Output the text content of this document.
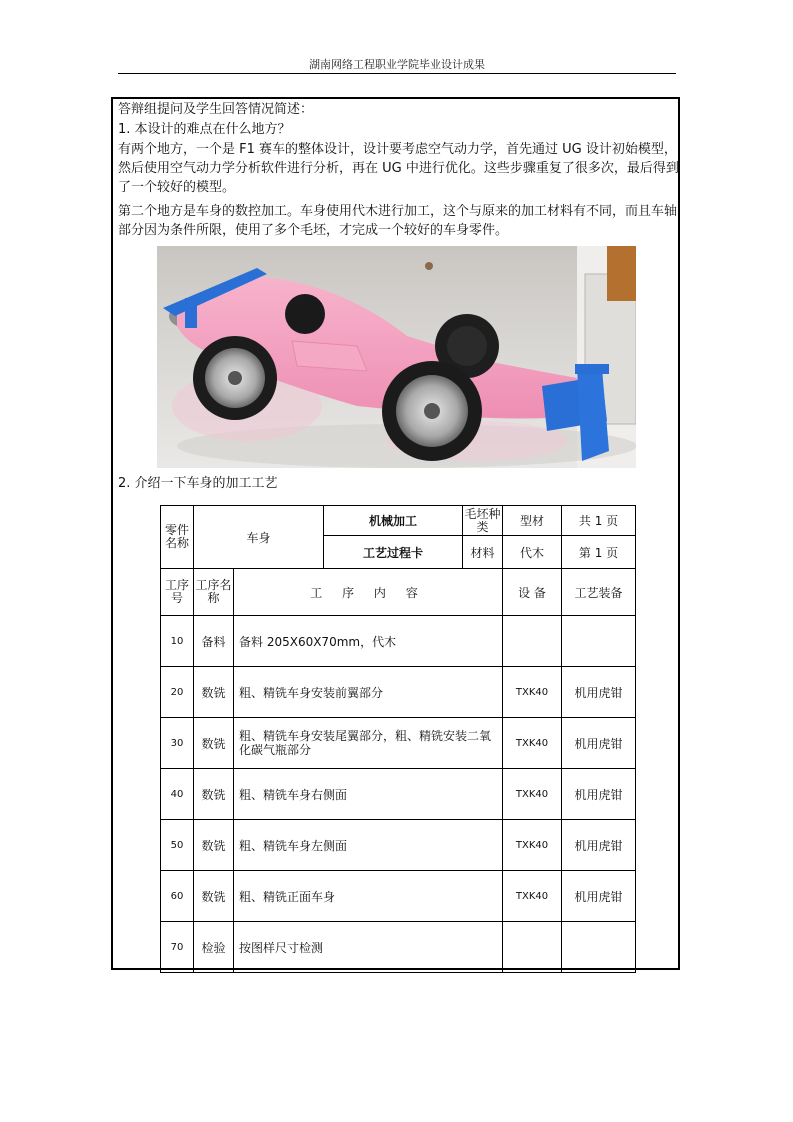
湖南网络工程职业学院毕业设计成果

答辩组提问及学生回答情况简述：

1. 本设计的难点在什么地方？

有两个地方，一个是 F1 赛车的整体设计，设计要考虑空气动力学，首先通过 UG 设计初始模型，然后使用空气动力学分析软件进行分析，再在 UG 中进行优化。这些步骤重复了很多次，最后得到了一个较好的模型。

第二个地方是车身的数控加工。车身使用代木进行加工，这个与原来的加工材料有不同，而且车轴部分因为条件所限，使用了多个毛坯，才完成一个较好的车身零件。

2. 介绍一下车身的加工工艺

零件名称	车身		机械加工	毛坯种类	型材	共 1 页
			工艺过程卡	材料	代木	第 1 页
工序号	工序名称	工 序 内 容			设 备	工艺装备
10	备料	备料 205X60X70mm，代木				
20	数铣	粗、精铣车身安装前翼部分			TXK40	机用虎钳
30	数铣	粗、精铣车身安装尾翼部分，粗、精铣安装二氧化碳气瓶部分			TXK40	机用虎钳
40	数铣	粗、精铣车身右侧面			TXK40	机用虎钳
50	数铣	粗、精铣车身左侧面			TXK40	机用虎钳
60	数铣	粗、精铣正面车身			TXK40	机用虎钳
70	检验	按图样尺寸检测				
